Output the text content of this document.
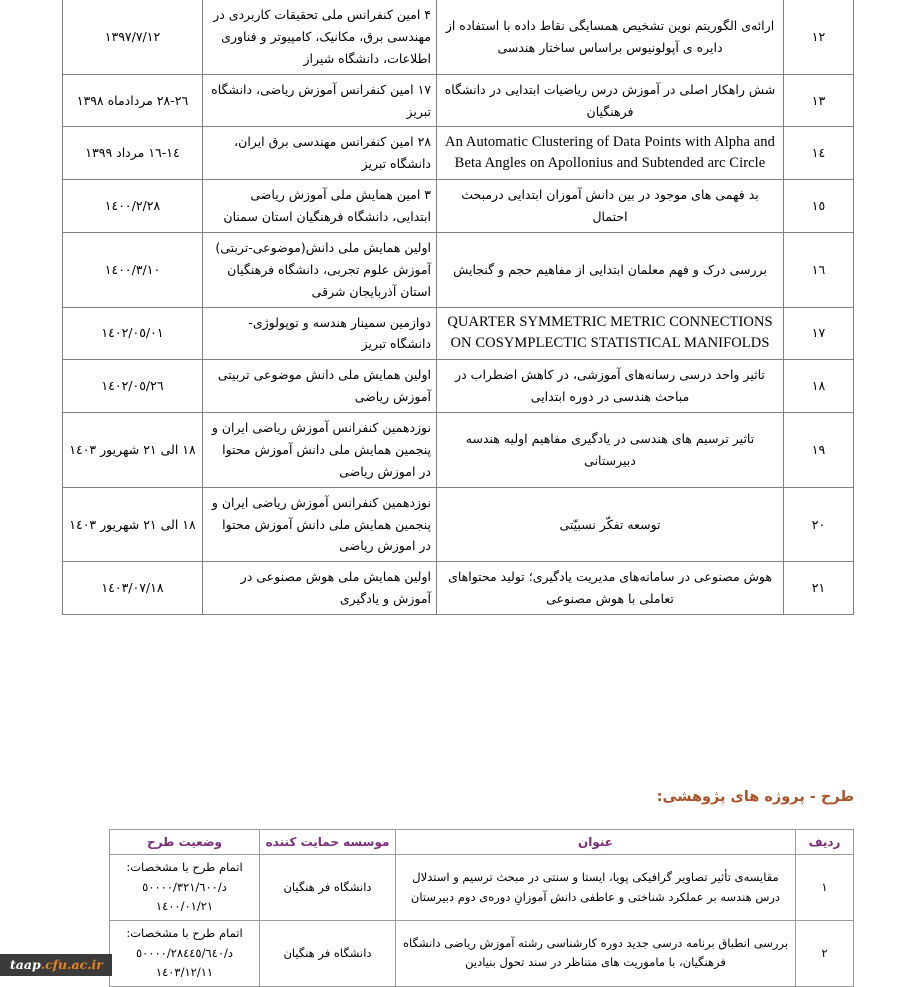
١٢	ارائه‌ی الگوریتم نوین تشخیص همسایگی نقاط داده با استفاده از دایره ی آپولونیوس براساس ساختار هندسی	۴ امین کنفرانس ملی تحقیقات کاربردی در مهندسی برق، مکانیک، کامپیوتر و فناوری اطلاعات، دانشگاه شیراز	١٣٩٧/٧/١٢
١٣	شش راهکار اصلی در آموزش درس ریاضیات ابتدایی در دانشگاه فرهنگیان	۱۷ امین کنفرانس آموزش ریاضی، دانشگاه تبریز	٢٦-٢٨ مردادماه ١٣٩٨
١٤	An Automatic Clustering of Data Points with Alpha and Beta Angles on Apollonius and Subtended arc Circle	۲۸ امین کنفرانس مهندسی برق ایران، دانشگاه تبریز	١٤-١٦ مرداد ١٣٩٩
١٥	بد فهمی های موجود در بین دانش آموزان ابتدایی درمبحث احتمال	۳ امین همایش ملی آموزش ریاضی ابتدایی، دانشگاه فرهنگیان استان سمنان	١٤٠٠/٢/٢٨
١٦	بررسی درک و فهم معلمان ابتدایی از مفاهیم حجم و گنجایش	اولین همایش ملی دانش(موضوعی-تربتی) آموزش علوم تجربی، دانشگاه فرهنگیان استان آذربایجان شرقی	١٤٠٠/٣/١٠
١٧	QUARTER SYMMETRIC METRIC CONNECTIONS ON COSYMPLECTIC STATISTICAL MANIFOLDS	دوازمین سمینار هندسه و توپولوژی-دانشگاه تبریز	١٤٠٢/٠٥/٠١
١٨	تاثیر واحد درسی رسانه‌های آموزشی، در کاهش اضطراب در مباحث هندسی در دوره ابتدایی	اولین همایش ملی دانش موضوعی تربیتی آموزش ریاضی	١٤٠٢/٠٥/٢٦
١٩	تاثیر ترسیم های هندسی در یادگیری مفاهیم اولیه هندسه دبیرستانی	نوزدهمین کنفرانس آموزش ریاضی ایران و پنجمین همایش ملی دانش آموزش محتوا در اموزش ریاضی	١٨ الی ٢١ شهریور ١٤٠٣
٢٠	توسعه تفکّر نسبیّتی	نوزدهمین کنفرانس آموزش ریاضی ایران و پنجمین همایش ملی دانش آموزش محتوا در اموزش ریاضی	١٨ الی ٢١ شهریور ١٤٠٣
٢١	هوش مصنوعی در سامانه‌های مدیریت یادگیری؛ تولید محتواهای تعاملی با هوش مصنوعی	اولین همایش ملی هوش مصنوعی در آموزش و یادگیری	١٤٠٣/٠٧/١٨
طرح - پروژه های پژوهشی:
ردیف	عنوان	موسسه حمایت کننده	وضعیت طرح
١	مقایسه‌ی تأثیر تصاویر گرافیکی پویا، ایستا و سنتی در مبحث ترسیم و استدلال درس هندسه بر عملکرد شناختی و عاطفی دانش آموزانِ دوره‌ی دوم دبیرستان	دانشگاه فر هنگیان	اتمام طرح با مشخصات:
د/٥٠٠٠٠/٣٢١/٦٠٠
١٤٠٠/٠١/٢١

٢	بررسی انطباق برنامه درسی جدید دوره کارشناسی رشته آموزش ریاضی دانشگاه فرهنگیان، با ماموریت های متناظر در سند تحول بنیادین	دانشگاه فر هنگیان	اتمام طرح با مشخصات:
د/٥٠٠٠٠/٢٨٤٤٥/٦٤٠
١٤٠٣/١٢/١١
taap.cfu.ac.ir
